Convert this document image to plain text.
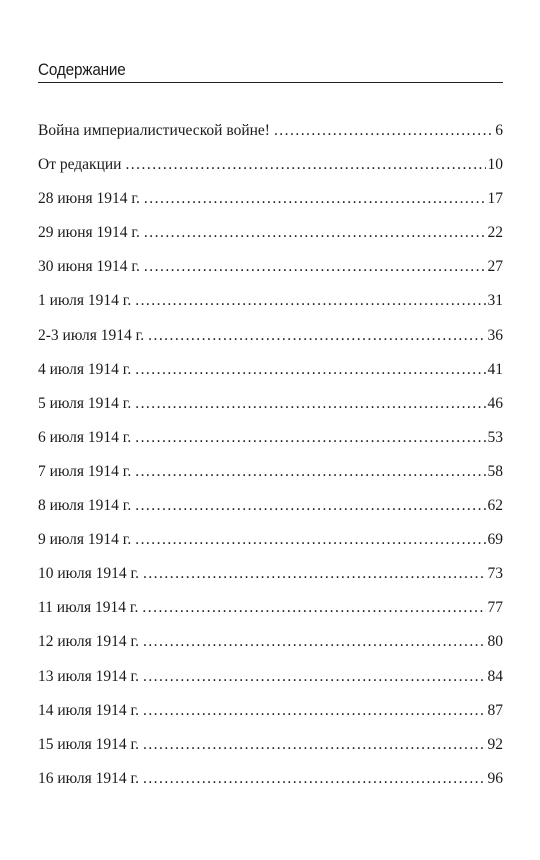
Содержание
Война империалистической войне! . . .	6
От редакции . . .	10
28 июня 1914 г. . . .	17
29 июня 1914 г. . . .	22
30 июня 1914 г. . . .	27
1 июля 1914 г. . . .	31
2-3 июля 1914 г. . . .	36
4 июля 1914 г. . . .	41
5 июля 1914 г. . . .	46
6 июля 1914 г. . . .	53
7 июля 1914 г. . . .	58
8 июля 1914 г. . . .	62
9 июля 1914 г. . . .	69
10 июля 1914 г. . . .	73
11 июля 1914 г. . . .	77
12 июля 1914 г. . . .	80
13 июля 1914 г. . . .	84
14 июля 1914 г. . . .	87
15 июля 1914 г. . . .	92
16 июля 1914 г. . . .	96
